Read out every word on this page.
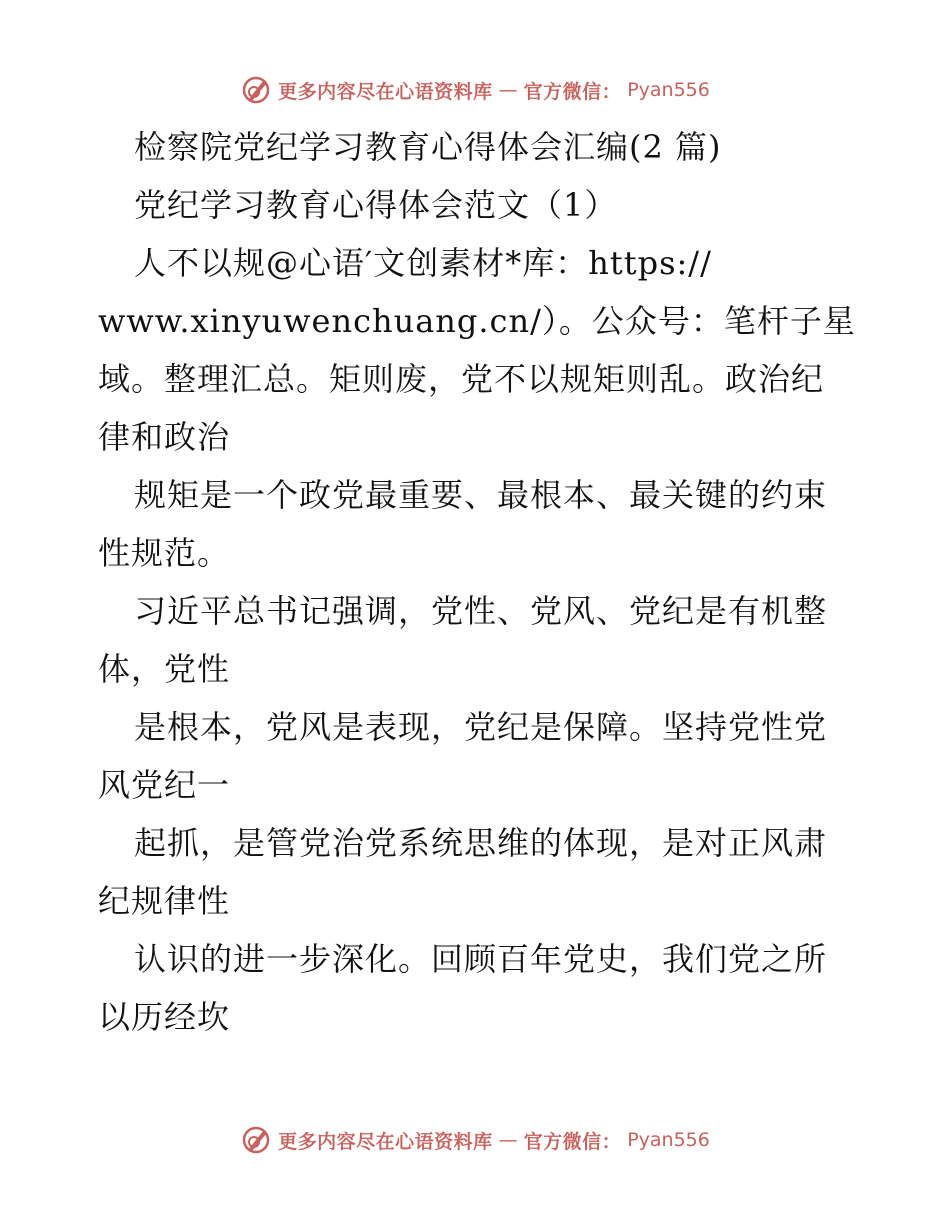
更多内容尽在心语资料库 — 官方微信： Pyan556
检察院党纪学习教育心得体会汇编(2 篇)
党纪学习教育心得体会范文（1）
人不以规@心语′文创素材*库：https://
www.xinyuwenchuang.cn/）。公众号：笔杆子星
域。整理汇总。矩则废，党不以规矩则乱。政治纪
律和政治
规矩是一个政党最重要、最根本、最关键的约束
性规范。
习近平总书记强调，党性、党风、党纪是有机整
体，党性
是根本，党风是表现，党纪是保障。坚持党性党
风党纪一
起抓，是管党治党系统思维的体现，是对正风肃
纪规律性
认识的进一步深化。回顾百年党史，我们党之所
以历经坎
更多内容尽在心语资料库 — 官方微信： Pyan556
